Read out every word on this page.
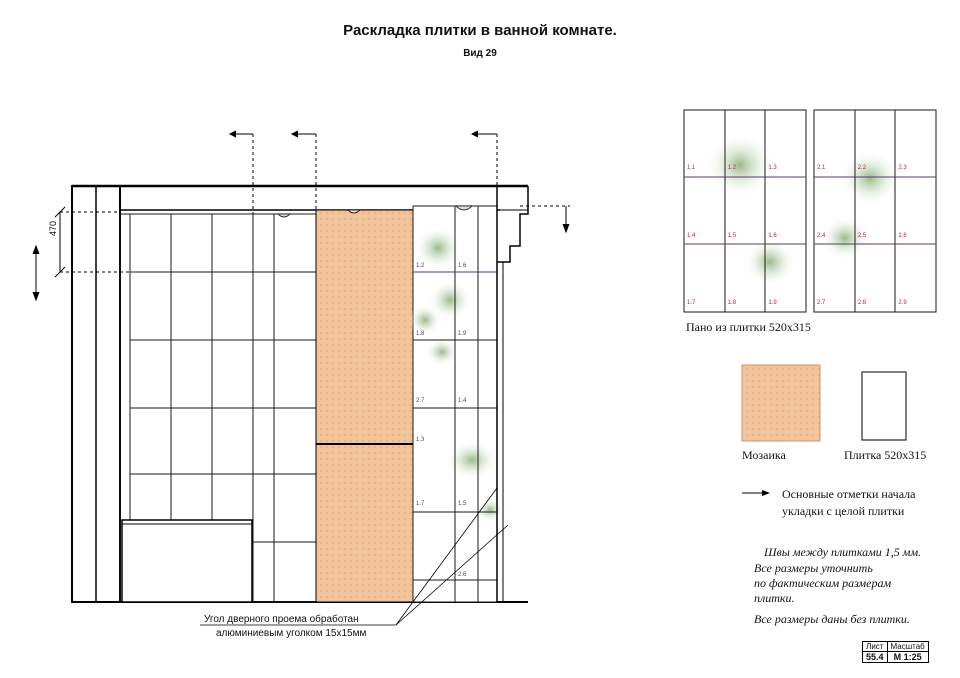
Раскладка плитки в ванной комнате.
Вид 29
1.1	1.2	1.3
1.4	1.5	1.6
1.7	1.8	1.9
2.1	2.2	2.3
2.4	2.5	2.6
2.7	2.8	2.9
1.2	1.6
1.8	1.9
2.7	1.4
1.3
1.7	1.5
2.6
470
Угол дверного проема обработан
алюминиевым уголком 15х15мм
Пано из плитки 520х315
Мозаика	Плитка 520х315
Основные отметки начала
укладки с целой плитки
Швы между плитками 1,5 мм.
Все размеры уточнить
по фактическим размерам
плитки.
Все размеры даны без плитки.
Лист	Масштаб
55.4	М 1:25
